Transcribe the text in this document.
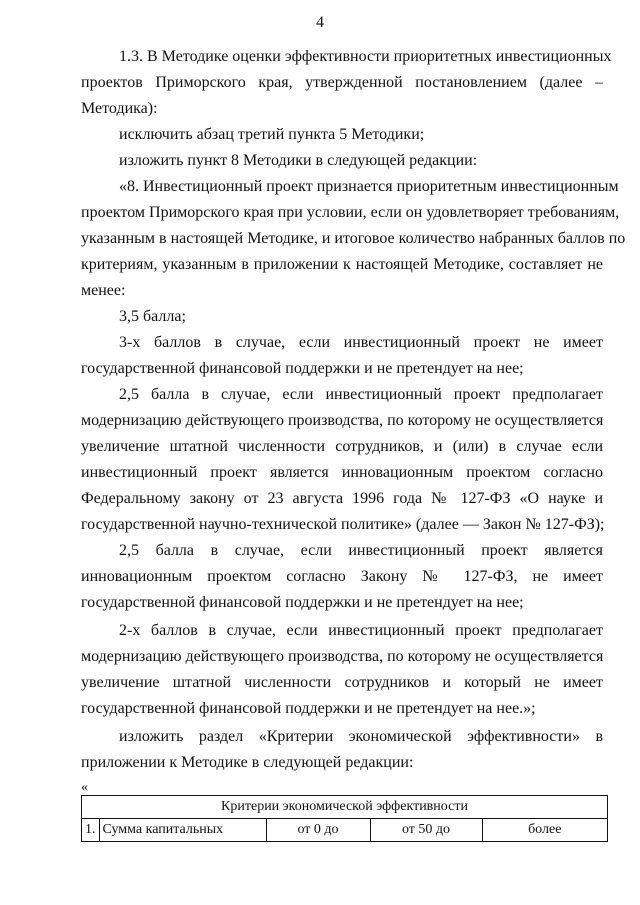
4
1.3. В Методике оценки эффективности приоритетных инвестиционных
проектов Приморского края, утвержденной постановлением (далее –
Методика):
исключить абзац третий пункта 5 Методики;
изложить пункт 8 Методики в следующей редакции:
«8. Инвестиционный проект признается приоритетным инвестиционным
проектом Приморского края при условии, если он удовлетворяет требованиям,
указанным в настоящей Методике, и итоговое количество набранных баллов по
критериям, указанным в приложении к настоящей Методике, составляет не
менее:
3,5 балла;
3-х баллов в случае, если инвестиционный проект не имеет
государственной финансовой поддержки и не претендует на нее;
2,5 балла в случае, если инвестиционный проект предполагает
модернизацию действующего производства, по которому не осуществляется
увеличение штатной численности сотрудников, и (или) в случае если
инвестиционный проект является инновационным проектом согласно
Федеральному закону от 23 августа 1996 года № 127-ФЗ «О науке и
государственной научно-технической политике» (далее — Закон № 127-ФЗ);
2,5 балла в случае, если инвестиционный проект является
инновационным проектом согласно Закону № 127-ФЗ, не имеет
государственной финансовой поддержки и не претендует на нее;
2-х баллов в случае, если инвестиционный проект предполагает
модернизацию действующего производства, по которому не осуществляется
увеличение штатной численности сотрудников и который не имеет
государственной финансовой поддержки и не претендует на нее.»;
изложить раздел «Критерии экономической эффективности» в
приложении к Методике в следующей редакции:
«
Критерии экономической эффективности
1.	Сумма капитальных	от 0 до	от 50 до	более
